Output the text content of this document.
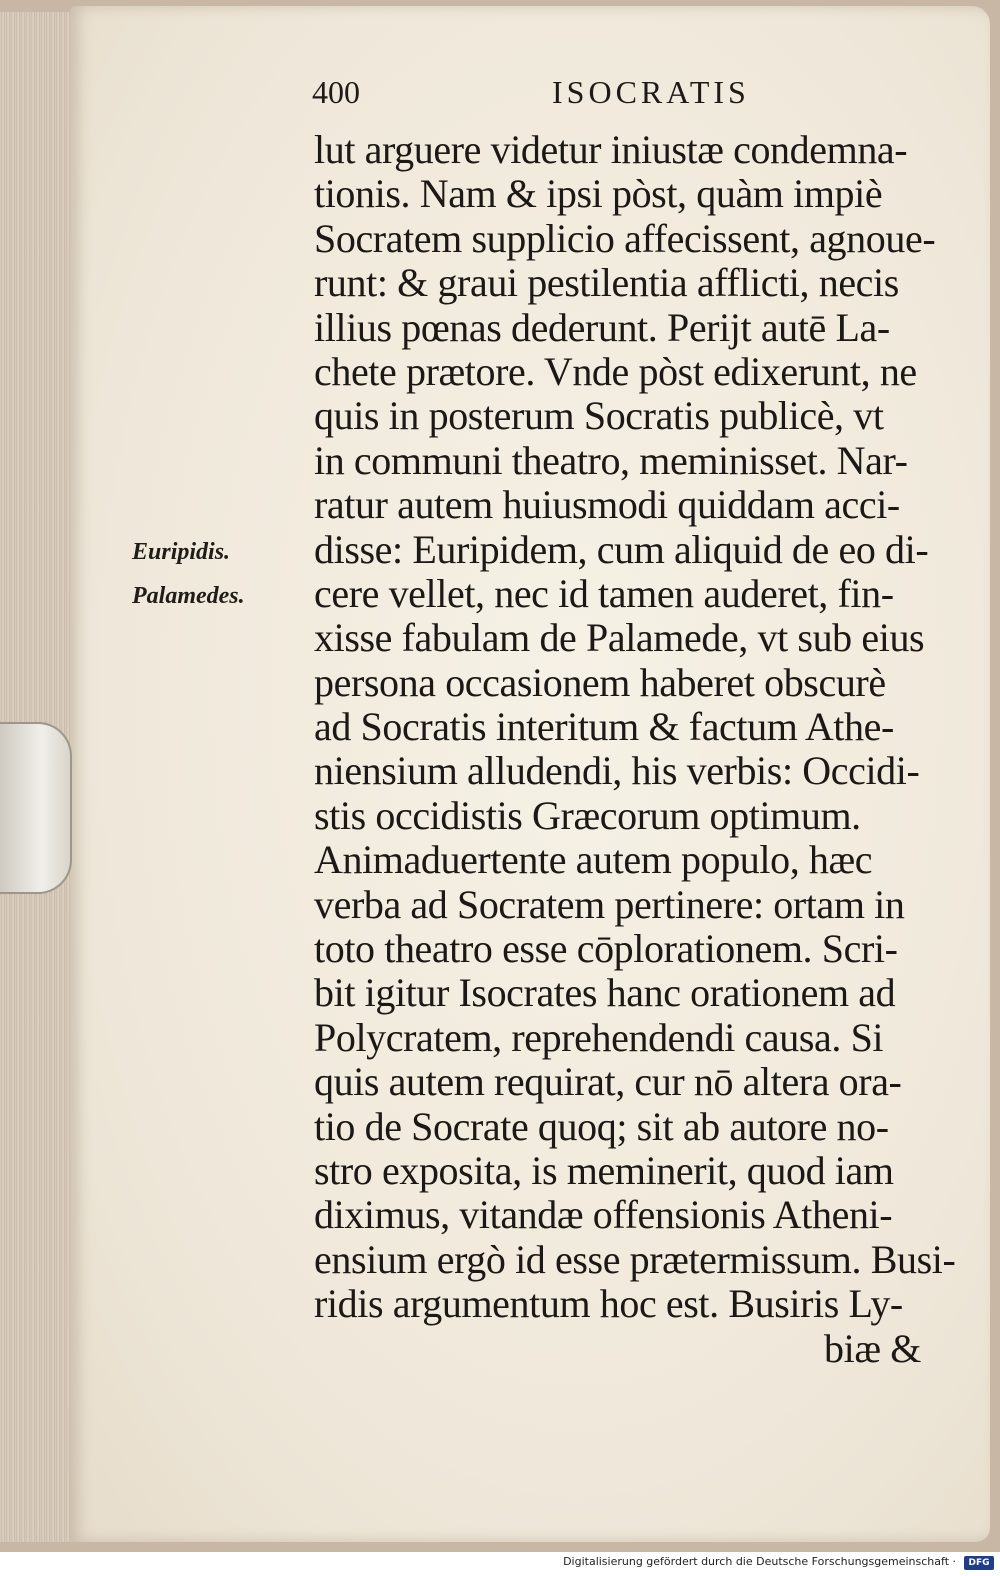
400	ISOCRATIS
Euripidis.
Palamedes.
lut arguere videtur iniustæ condemna-
tionis. Nam & ipsi pòst, quàm impiè
Socratem supplicio affecissent, agnoue-
runt: & graui pestilentia afflicti, necis
illius pœnas dederunt. Perijt autē La-
chete prætore. Vnde pòst edixerunt, ne
quis in posterum Socratis publicè, vt
in communi theatro, meminisset. Nar-
ratur autem huiusmodi quiddam acci-
disse: Euripidem, cum aliquid de eo di-
cere vellet, nec id tamen auderet, fin-
xisse fabulam de Palamede, vt sub eius
persona occasionem haberet obscurè
ad Socratis interitum & factum Athe-
niensium alludendi, his verbis: Occidi-
stis occidistis Græcorum optimum.
Animaduertente autem populo, hæc
verba ad Socratem pertinere: ortam in
toto theatro esse cōplorationem. Scri-
bit igitur Isocrates hanc orationem ad
Polycratem, reprehendendi causa. Si
quis autem requirat, cur nō altera ora-
tio de Socrate quoq; sit ab autore no-
stro exposita, is meminerit, quod iam
diximus, vitandæ offensionis Atheni-
ensium ergò id esse prætermissum. Busi-
ridis argumentum hoc est. Busiris Ly-
biæ &
Digitalisierung gefördert durch die Deutsche Forschungsgemeinschaft ·	DFG
